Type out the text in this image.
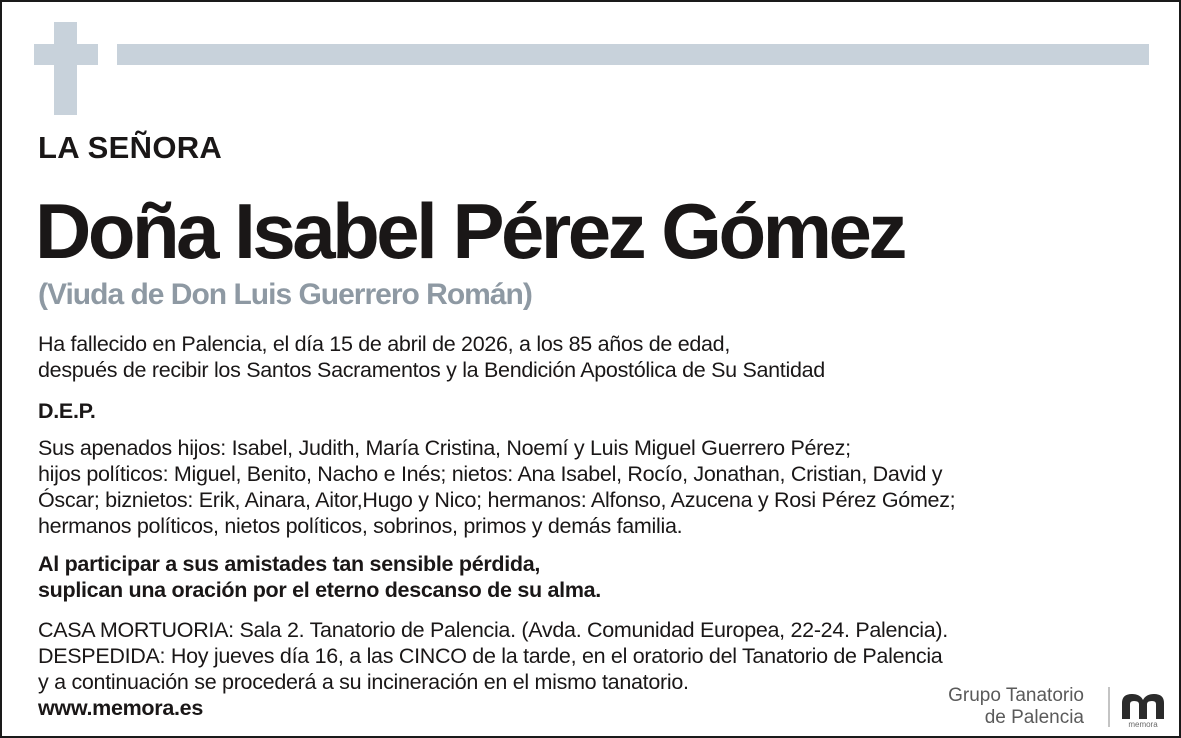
LA SEÑORA
Doña Isabel Pérez Gómez
(Viuda de Don Luis Guerrero Román)
Ha fallecido en Palencia, el día 15 de abril de 2026, a los 85 años de edad,
después de recibir los Santos Sacramentos y la Bendición Apostólica de Su Santidad
D.E.P.
Sus apenados hijos: Isabel, Judith, María Cristina, Noemí y Luis Miguel Guerrero Pérez;
hijos políticos: Miguel, Benito, Nacho e Inés; nietos: Ana Isabel, Rocío, Jonathan, Cristian, David y
Óscar; biznietos: Erik, Ainara, Aitor,Hugo y Nico; hermanos: Alfonso, Azucena y Rosi Pérez Gómez;
hermanos políticos, nietos políticos, sobrinos, primos y demás familia.
Al participar a sus amistades tan sensible pérdida,
suplican una oración por el eterno descanso de su alma.
CASA MORTUORIA: Sala 2. Tanatorio de Palencia. (Avda. Comunidad Europea, 22-24. Palencia).
DESPEDIDA: Hoy jueves día 16, a las CINCO de la tarde, en el oratorio del Tanatorio de Palencia
y a continuación se procederá a su incineración en el mismo tanatorio.
www.memora.es
Grupo Tanatorio
de Palencia	memora
